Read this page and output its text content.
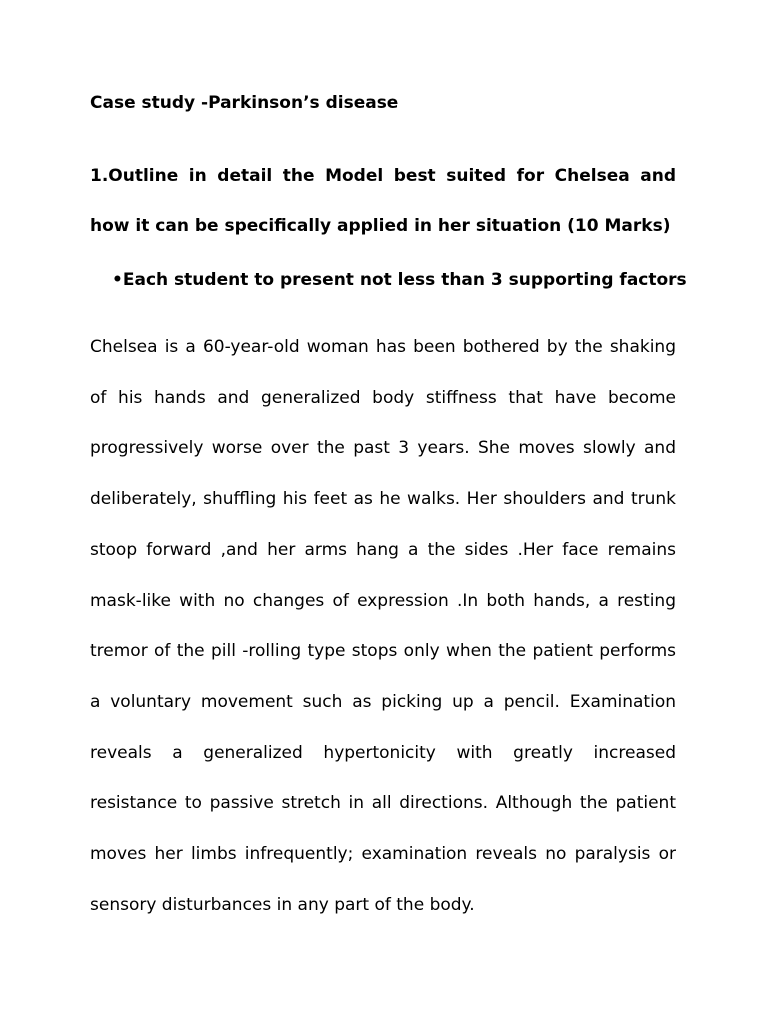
Case study -Parkinson’s disease

1.Outline in detail the Model best suited for Chelsea and how it can be specifically applied in her situation (10 Marks)

• Each student to present not less than 3 supporting factors

Chelsea is a 60-year-old woman has been bothered by the shaking of his hands and generalized body stiffness that have become progressively worse over the past 3 years. She moves slowly and deliberately, shuffling his feet as he walks. Her shoulders and trunk stoop forward ,and her arms hang a the sides .Her face remains mask-like with no changes of expression .In both hands, a resting tremor of the pill -rolling type stops only when the patient performs a voluntary movement such as picking up a pencil. Examination reveals a generalized hypertonicity with greatly increased resistance to passive stretch in all directions. Although the patient moves her limbs infrequently; examination reveals no paralysis or sensory disturbances in any part of the body.
